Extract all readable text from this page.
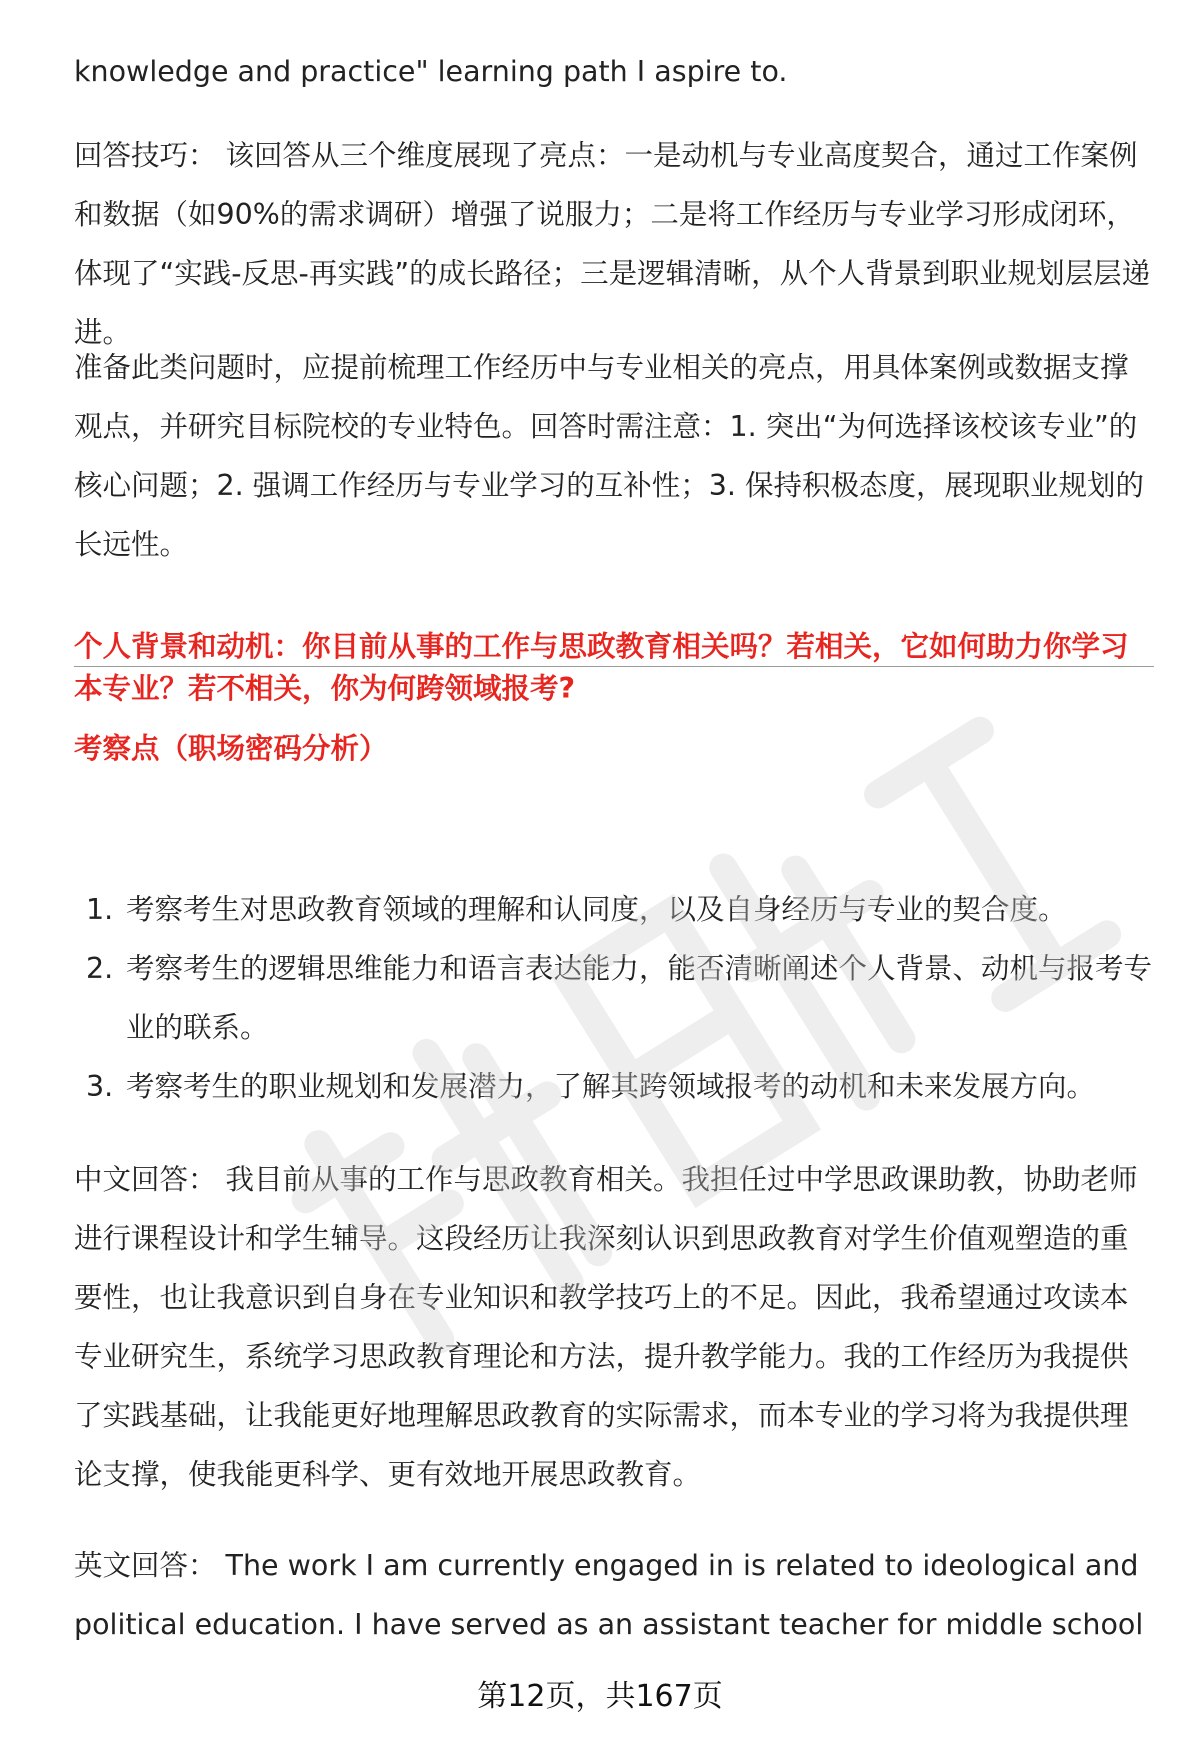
knowledge and practice" learning path I aspire to.

回答技巧： 该回答从三个维度展现了亮点：一是动机与专业高度契合，通过工作案例和数据（如90%的需求调研）增强了说服力；二是将工作经历与专业学习形成闭环，体现了“实践-反思-再实践”的成长路径；三是逻辑清晰，从个人背景到职业规划层层递进。

准备此类问题时，应提前梳理工作经历中与专业相关的亮点，用具体案例或数据支撑观点，并研究目标院校的专业特色。回答时需注意：1. 突出“为何选择该校该专业”的核心问题；2. 强调工作经历与专业学习的互补性；3. 保持积极态度，展现职业规划的长远性。

个人背景和动机：你目前从事的工作与思政教育相关吗？若相关，它如何助力你学习本专业？若不相关，你为何跨领域报考?

考察点（职场密码分析）

1. 考察考生对思政教育领域的理解和认同度，以及自身经历与专业的契合度。
2. 考察考生的逻辑思维能力和语言表达能力，能否清晰阐述个人背景、动机与报考专业的联系。
3. 考察考生的职业规划和发展潜力，了解其跨领域报考的动机和未来发展方向。

中文回答： 我目前从事的工作与思政教育相关。我担任过中学思政课助教，协助老师进行课程设计和学生辅导。这段经历让我深刻认识到思政教育对学生价值观塑造的重要性，也让我意识到自身在专业知识和教学技巧上的不足。因此，我希望通过攻读本专业研究生，系统学习思政教育理论和方法，提升教学能力。我的工作经历为我提供了实践基础，让我能更好地理解思政教育的实际需求，而本专业的学习将为我提供理论支撑，使我能更科学、更有效地开展思政教育。

英文回答： The work I am currently engaged in is related to ideological and political education. I have served as an assistant teacher for middle school

第12页，共167页
